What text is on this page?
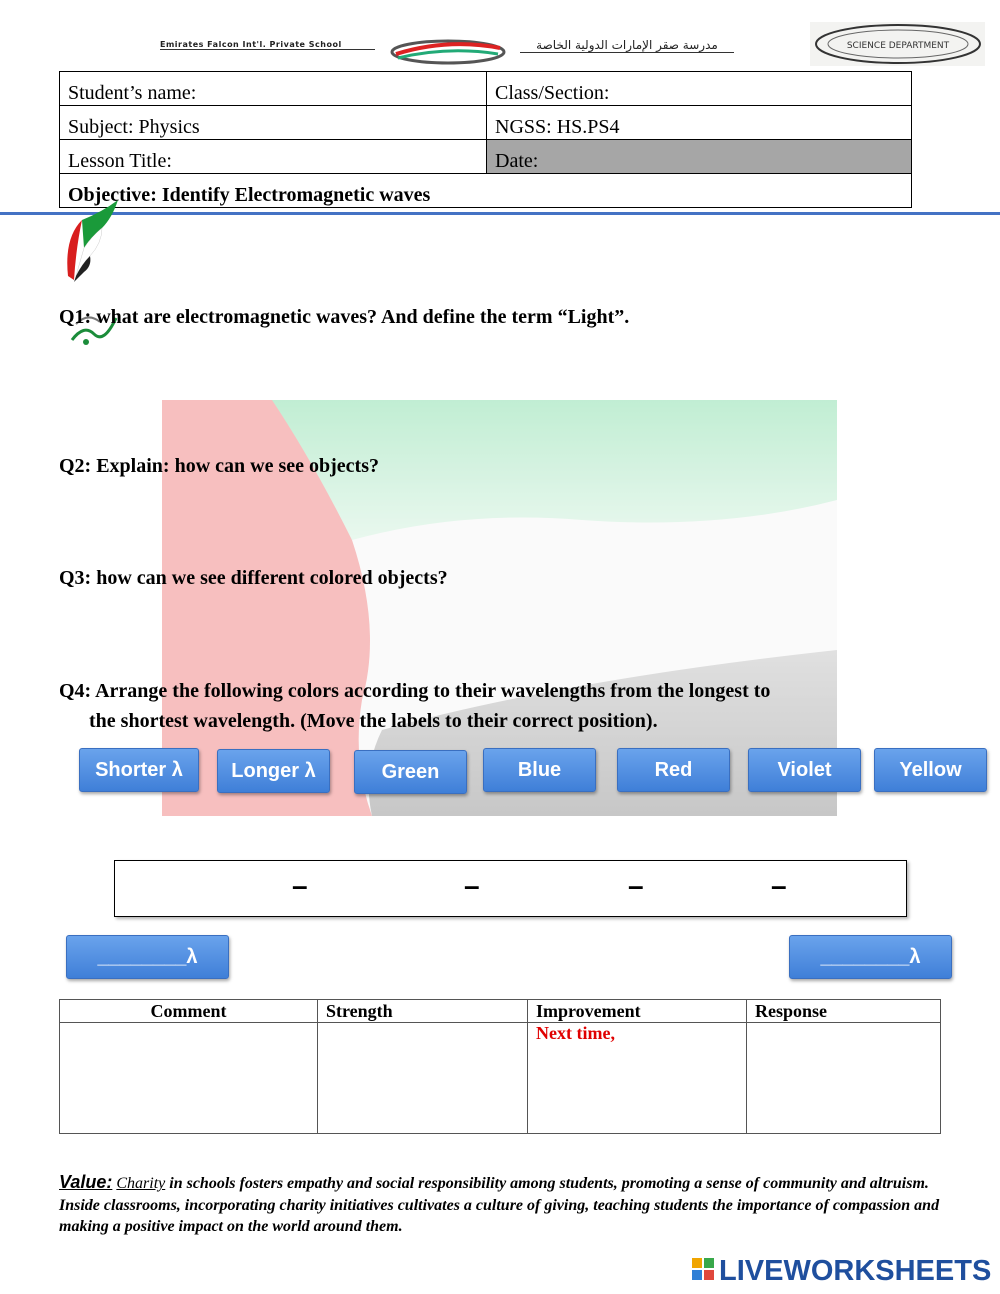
Emirates Falcon Int'l. Private School	مدرسة صقر الإمارات الدولية الخاصة	SCIENCE DEPARTMENT
Student’s name:	Class/Section:
Subject: Physics	NGSS: HS.PS4
Lesson Title:	Date:
Objective: Identify Electromagnetic waves	
Q1: what are electromagnetic waves? And define the term “Light”.
Q2: Explain: how can we see objects?
Q3: how can we see different colored objects?
Q4: Arrange the following colors according to their wavelengths from the longest to
the shortest wavelength. (Move the labels to their correct position).
Shorter λ	Longer λ	Green	Blue	Red	Violet	Yellow
–	–	–	–
________λ	________λ
Comment	Strength	Improvement	Response
		Next time,	
Value: Charity in schools fosters empathy and social responsibility among students, promoting a sense of community and altruism. Inside classrooms, incorporating charity initiatives cultivates a culture of giving, teaching students the importance of compassion and making a positive impact on the world around them.
LIVEWORKSHEETS
